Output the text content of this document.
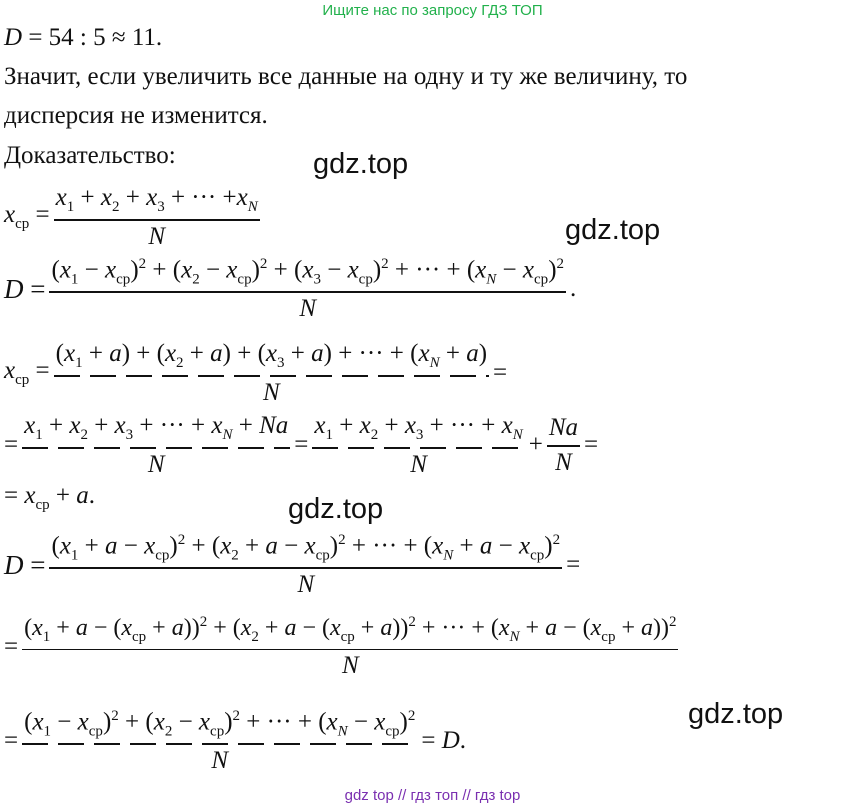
Ищите нас по запросу ГДЗ ТОП
D = 54 : 5 ≈ 11.
Значит, если увеличить все данные на одну и ту же величину, то
дисперсия не изменится.
Доказательство:	gdz.top
gdz.top
gdz.top
gdz.top
$x_{ср} = \frac{x_1 + x_2 + x_3 + \cdot\cdot\cdot +x_N}{N}$
$D = \frac{(x_1 - x_{ср})^2 + (x_2 - x_{ср})^2 + (x_3 - x_{ср})^2 + \cdot\cdot\cdot + (x_N - x_{ср})^2}{N}$ .
$x_{ср} = \frac{(x_1 + a) + (x_2 + a) + (x_3 + a) + \cdot\cdot\cdot + (x_N + a)}{N}$ =
= $\frac{x_1 + x_2 + x_3 + \cdot\cdot\cdot + x_N + Na}{N} = \frac{x_1 + x_2 + x_3 + \cdot\cdot\cdot + x_N}{N} + \frac{Na}{N}$ =
= $x_{ср} + a$.
$D = \frac{(x_1 + a - x_{ср})^2 + (x_2 + a - x_{ср})^2 + \cdot\cdot\cdot + (x_N + a - x_{ср})^2}{N}$ =
=
$(x_1 + a - (x_{ср} + a))^2 + (x_2 + a - (x_{ср} + a))^2$ + ··· + $(x_N + a - (x_{ср} + a))^2$
N
= $\frac{(x_1 - x_{ср})^2 + (x_2 - x_{ср})^2 + \cdot\cdot\cdot + (x_N - x_{ср})^2}{N} = D$.
gdz top // гдз топ // гдз top
